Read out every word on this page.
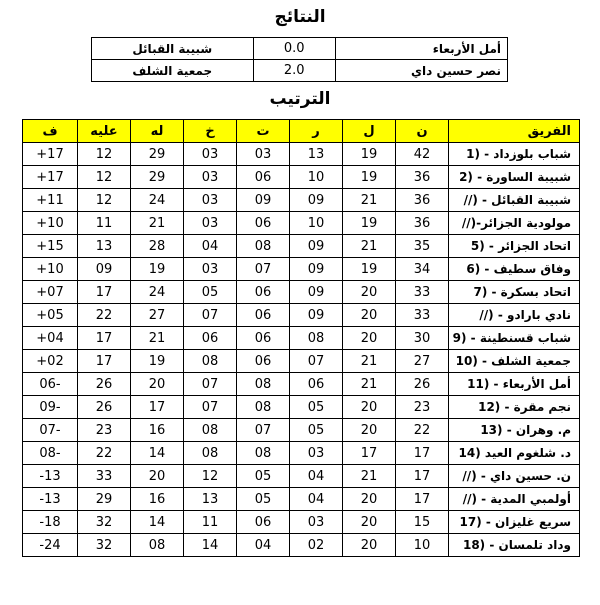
النتائج
شبيبة القبائل	0.0	أمل الأربعاء
جمعية الشلف	2.0	نصر حسين داي
الترتيب
ف	عليه	له	خ	ت	ر	ل	ن	الفريق
+17	12	29	03	03	13	19	42	1) - شباب بلوزداد
+17	12	29	03	06	10	19	36	2) - شبيبة الساورة
+11	12	24	03	09	09	21	36	//) - شبيبة القبائل
+10	11	21	03	06	10	19	36	//)-مولودية الجزائر
+15	13	28	04	08	09	21	35	5) - اتحاد الجزائر
+10	09	19	03	07	09	19	34	6) - وفاق سطيف
+07	17	24	05	06	09	20	33	7) - اتحاد بسكرة
+05	22	27	07	06	09	20	33	//) - نادي بارادو
+04	17	21	06	06	08	20	30	9) - شباب قسنطينة
+02	17	19	08	06	07	21	27	10) - جمعية الشلف
06-	26	20	07	08	06	21	26	11) - أمل الأربعاء
09-	26	17	07	08	05	20	23	12) - نجم مقرة
07-	23	16	08	07	05	20	22	13) - م. وهران
08-	22	14	08	08	03	17	17	14) د. شلغوم العيد
-13	33	20	12	05	04	21	17	//) - ن. حسين داي
-13	29	16	13	05	04	20	17	//) - أولمبي المدية
-18	32	14	11	06	03	20	15	17) - سريع غليزان
-24	32	08	14	04	02	20	10	18) - وداد تلمسان
